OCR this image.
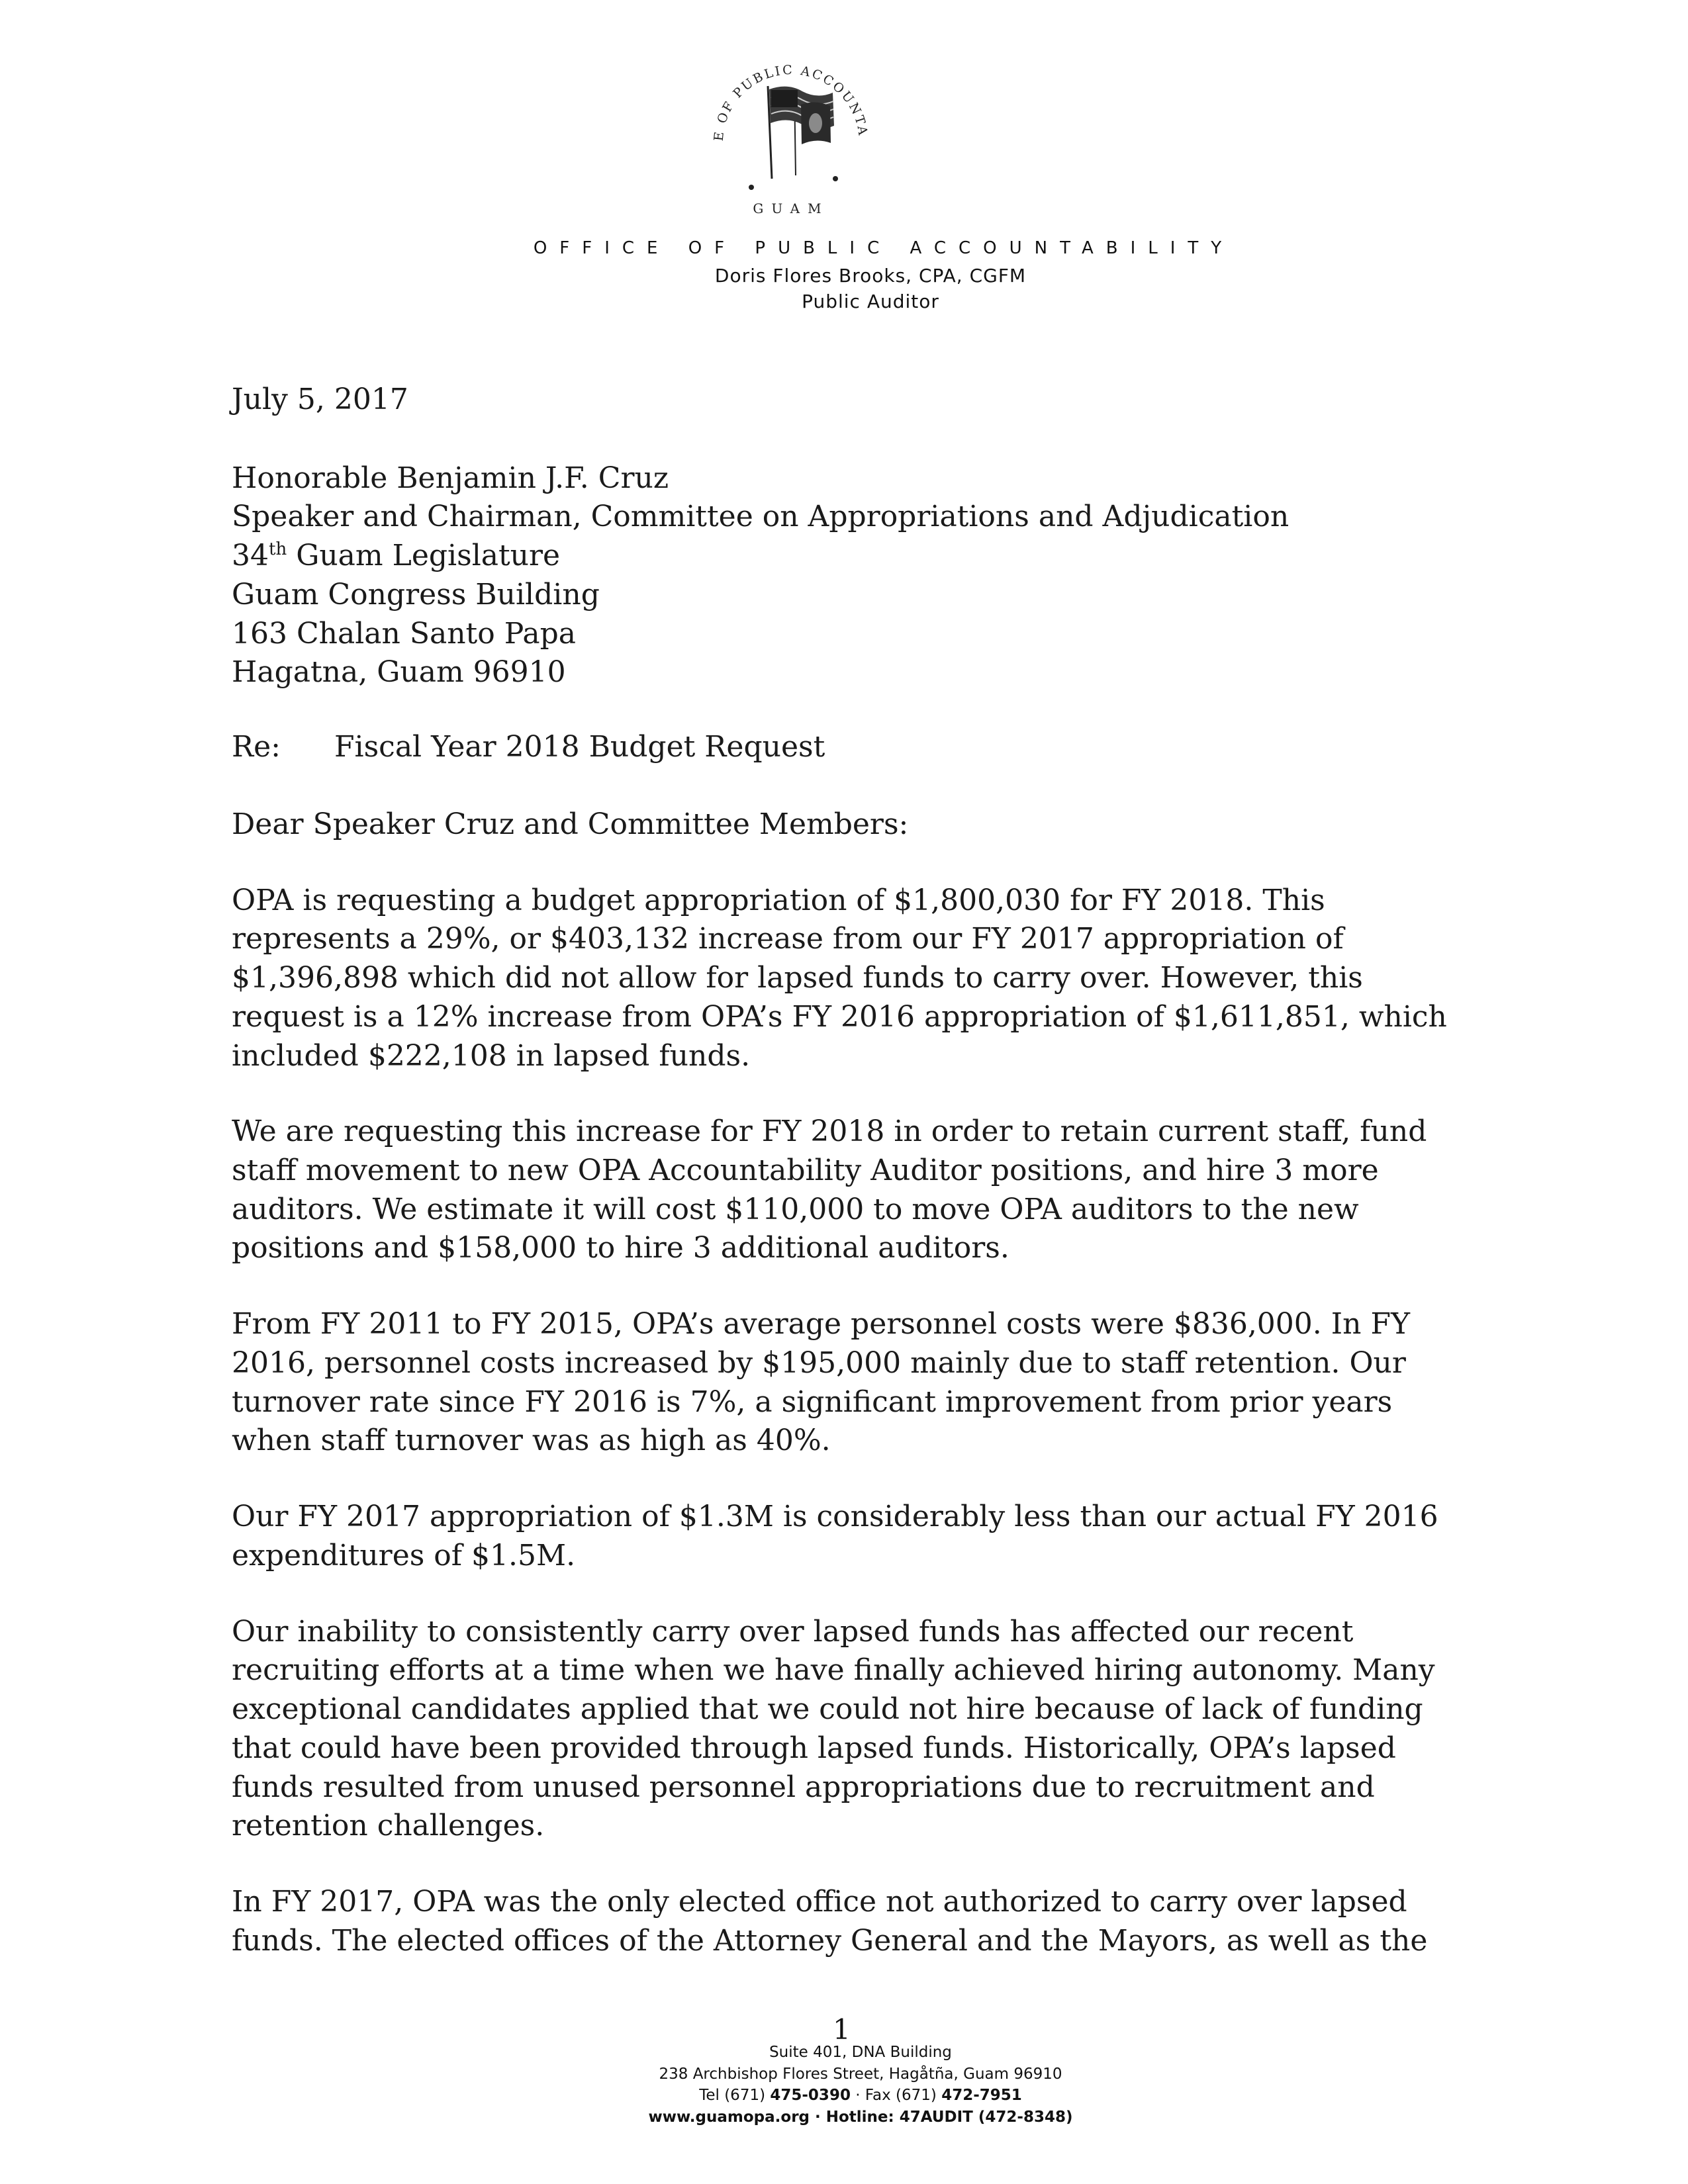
E OF PUBLIC ACCOUNTA
GUAM
OFFICE OF PUBLIC ACCOUNTABILITY
Doris Flores Brooks, CPA, CGFM
Public Auditor
July 5, 2017
Honorable Benjamin J.F. Cruz
Speaker and Chairman, Committee on Appropriations and Adjudication
34th Guam Legislature
Guam Congress Building
163 Chalan Santo Papa
Hagatna, Guam 96910
Re: Fiscal Year 2018 Budget Request
Dear Speaker Cruz and Committee Members:
OPA is requesting a budget appropriation of $1,800,030 for FY 2018. This represents a 29%, or $403,132 increase from our FY 2017 appropriation of $1,396,898 which did not allow for lapsed funds to carry over. However, this request is a 12% increase from OPA’s FY 2016 appropriation of $1,611,851, which included $222,108 in lapsed funds.
We are requesting this increase for FY 2018 in order to retain current staff, fund staff movement to new OPA Accountability Auditor positions, and hire 3 more auditors. We estimate it will cost $110,000 to move OPA auditors to the new positions and $158,000 to hire 3 additional auditors.
From FY 2011 to FY 2015, OPA’s average personnel costs were $836,000. In FY 2016, personnel costs increased by $195,000 mainly due to staff retention. Our turnover rate since FY 2016 is 7%, a significant improvement from prior years when staff turnover was as high as 40%.
Our FY 2017 appropriation of $1.3M is considerably less than our actual FY 2016 expenditures of $1.5M.
Our inability to consistently carry over lapsed funds has affected our recent recruiting efforts at a time when we have finally achieved hiring autonomy. Many exceptional candidates applied that we could not hire because of lack of funding that could have been provided through lapsed funds. Historically, OPA’s lapsed funds resulted from unused personnel appropriations due to recruitment and retention challenges.
In FY 2017, OPA was the only elected office not authorized to carry over lapsed funds. The elected offices of the Attorney General and the Mayors, as well as the
1
Suite 401, DNA Building
238 Archbishop Flores Street, Hagåtña, Guam 96910
Tel (671) 475-0390 · Fax (671) 472-7951
www.guamopa.org · Hotline: 47AUDIT (472-8348)
